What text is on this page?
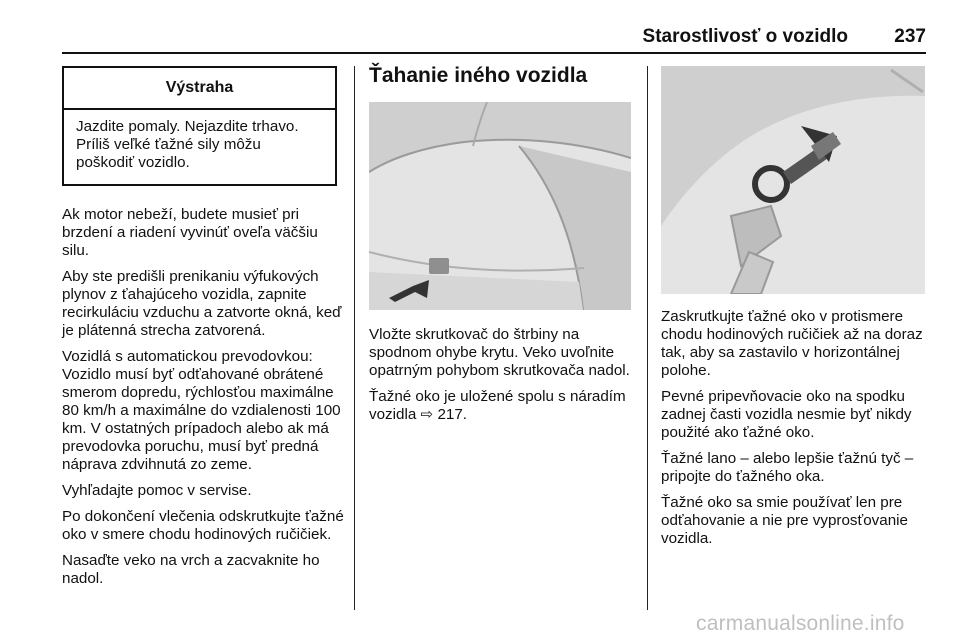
Starostlivosť o vozidlo 237
Výstraha
Jazdite pomaly. Nejazdite trhavo. Príliš veľké ťažné sily môžu poškodiť vozidlo.

Ak motor nebeží, budete musieť pri brzdení a riadení vyvinúť oveľa väčšiu silu.

Aby ste predišli prenikaniu výfukových plynov z ťahajúceho vozidla, zapnite recirkuláciu vzduchu a zatvorte okná, keď je plátenná strecha zatvorená.

Vozidlá s automatickou prevodovkou: Vozidlo musí byť odťahované obrátené smerom dopredu, rýchlosťou maximálne 80 km/h a maximálne do vzdialenosti 100 km. V ostatných prípadoch alebo ak má prevodovka poruchu, musí byť predná náprava zdvihnutá zo zeme.

Vyhľadajte pomoc v servise.

Po dokončení vlečenia odskrutkujte ťažné oko v smere chodu hodinových ručičiek.

Nasaďte veko na vrch a zacvaknite ho nadol.

Ťahanie iného vozidla

Vložte skrutkovač do štrbiny na spodnom ohybe krytu. Veko uvoľnite opatrným pohybom skrutkovača nadol.

Ťažné oko je uložené spolu s náradím vozidla ⇨ 217.

Zaskrutkujte ťažné oko v protismere chodu hodinových ručičiek až na doraz tak, aby sa zastavilo v horizontálnej polohe.

Pevné pripevňovacie oko na spodku zadnej časti vozidla nesmie byť nikdy použité ako ťažné oko.

Ťažné lano – alebo lepšie ťažnú tyč – pripojte do ťažného oka.

Ťažné oko sa smie používať len pre odťahovanie a nie pre vyprosťovanie vozidla.

carmanualsonline.info
